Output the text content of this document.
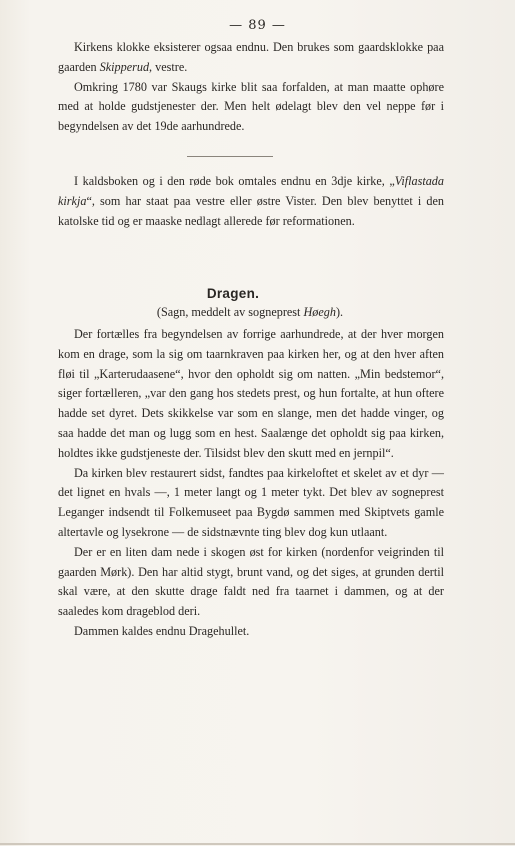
— 89 —

Kirkens klokke eksisterer ogsaa endnu. Den brukes som gaardsklokke paa gaarden Skipperud, vestre.

Omkring 1780 var Skaugs kirke blit saa forfalden, at man maatte ophøre med at holde gudstjenester der. Men helt ødelagt blev den vel neppe før i begyndelsen av det 19de aarhundrede.

I kaldsboken og i den røde bok omtales endnu en 3dje kirke, „Viflastada kirkja“, som har staat paa vestre eller østre Vister. Den blev benyttet i den katolske tid og er maaske nedlagt allerede før reformationen.

Dragen.
(Sagn, meddelt av sogneprest Høegh).

Der fortælles fra begyndelsen av forrige aarhundrede, at der hver morgen kom en drage, som la sig om taarnkraven paa kirken her, og at den hver aften fløi til „Karterudaasene“, hvor den opholdt sig om natten. „Min bedstemor“, siger fortælleren, „var den gang hos stedets prest, og hun fortalte, at hun oftere hadde set dyret. Dets skikkelse var som en slange, men det hadde vinger, og saa hadde det man og lugg som en hest. Saalænge det opholdt sig paa kirken, holdtes ikke gudstjeneste der. Tilsidst blev den skutt med en jernpil“.

Da kirken blev restaurert sidst, fandtes paa kirkeloftet et skelet av et dyr — det lignet en hvals —, 1 meter langt og 1 meter tykt. Det blev av sogneprest Leganger indsendt til Folkemuseet paa Bygdø sammen med Skiptvets gamle altertavle og lysekrone — de sidstnævnte ting blev dog kun utlaant.

Der er en liten dam nede i skogen øst for kirken (nordenfor veigrinden til gaarden Mørk). Den har altid stygt, brunt vand, og det siges, at grunden dertil skal være, at den skutte drage faldt ned fra taarnet i dammen, og at der saaledes kom drageblod deri.

Dammen kaldes endnu Dragehullet.
